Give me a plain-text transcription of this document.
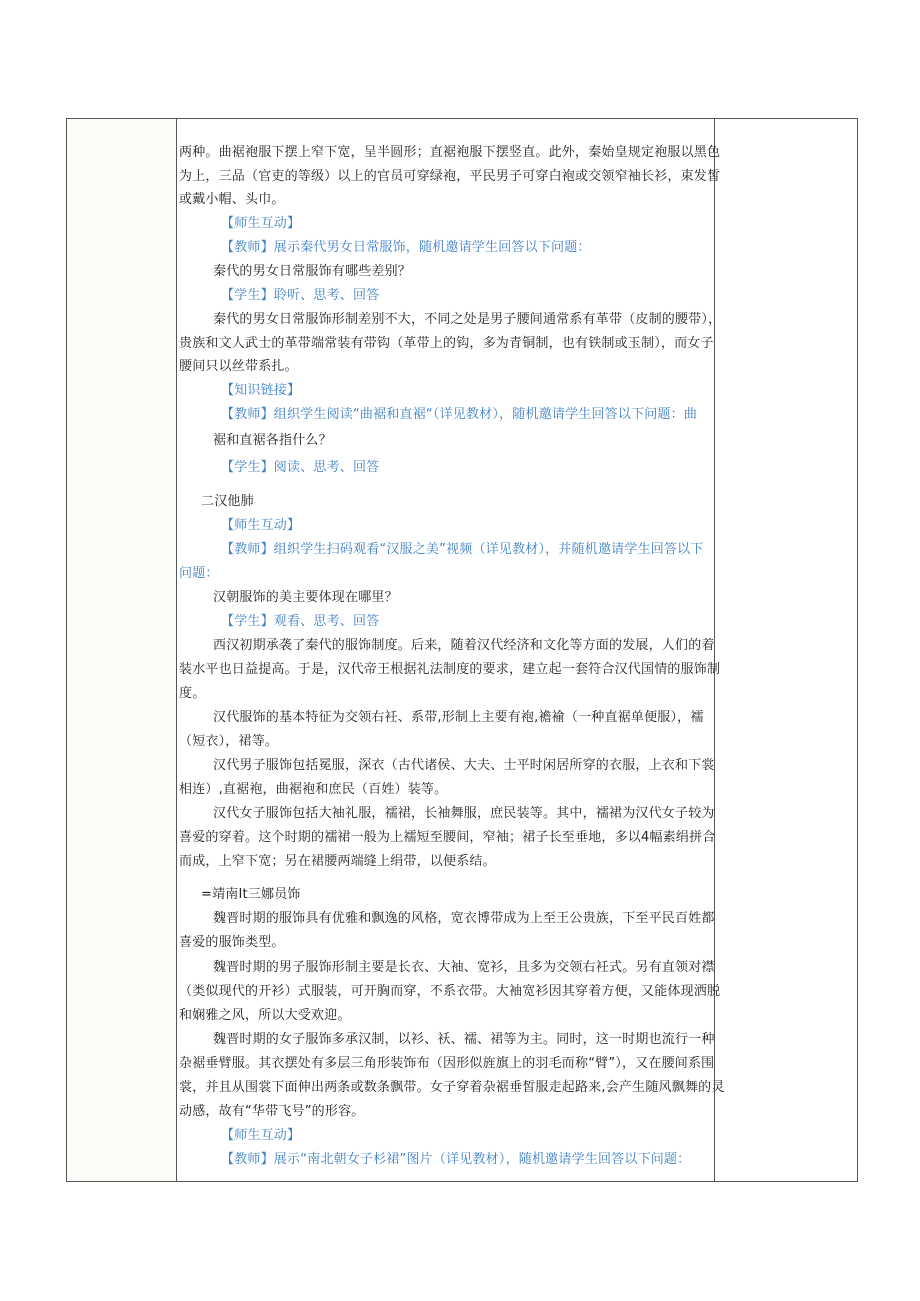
两种。曲裾袍服下摆上窄下宽，呈半圆形；直裾袍服下摆竖直。此外，秦始皇规定袍服以黑色
为上，三品（官吏的等级）以上的官员可穿绿袍，平民男子可穿白袍或交领窄袖长衫，束发皙
或戴小帽、头巾。
【师生互动】
【教师】展示秦代男女日常服饰，随机邀请学生回答以下问题：
秦代的男女日常服饰有哪些差别？
【学生】聆听、思考、回答
秦代的男女日常服饰形制差别不大，不同之处是男子腰间通常系有革带（皮制的腰带），
贵族和文人武士的革带端常装有带钩（革带上的钩，多为青铜制，也有铁制或玉制），而女子
腰间只以丝带系扎。
【知识链接】
【教师】组织学生阅读“曲裾和直裾“（详见教材），随机邀请学生回答以下问题：曲
裾和直裾各指什么？
【学生】阅读、思考、回答
二汉他肺
【师生互动】
【教师】组织学生扫码观看“汉服之美”视频（详见教材），并随机邀请学生回答以下
问题：
汉朝服饰的美主要体现在哪里？
【学生】观看、思考、回答
西汉初期承袭了秦代的服饰制度。后来，随着汉代经济和文化等方面的发展，人们的着
装水平也日益提高。于是，汉代帝王根据礼法制度的要求，建立起一套符合汉代国情的服饰制
度。
汉代服饰的基本特征为交领右衽、系带,形制上主要有袍,襜褕（一种直裾单便服），襦
（短衣），裙等。
汉代男子服饰包括冕服，深衣（古代诸侯、大夫、士平时闲居所穿的衣服，上衣和下裳
相连）,直裾袍，曲裾袍和庶民（百姓）装等。
汉代女子服饰包括大袖礼服，襦裙，长袖舞服，庶民装等。其中，襦裙为汉代女子较为
喜爱的穿着。这个时期的襦裙一般为上襦短至腰间，窄袖；裙子长至垂地，多以4幅素绢拼合
而成，上窄下宽；另在裙腰两端缝上绢带，以便系结。
=靖南It三娜员饰
魏晋时期的服饰具有优雅和飘逸的风格，宽衣博带成为上至王公贵族，下至平民百姓都
喜爱的服饰类型。
魏晋时期的男子服饰形制主要是长衣、大袖、宽衫，且多为交领右衽式。另有直领对襟
（类似现代的开衫）式服装，可开胸而穿，不系衣带。大袖宽衫因其穿着方便，又能体现洒脱
和娴雅之风，所以大受欢迎。
魏晋时期的女子服饰多承汉制，以衫、袄、襦、裙等为主。同时，这一时期也流行一种
杂裾垂臂服。其衣摆处有多层三角形装饰布（因形似旌旗上的羽毛而称“臂”），又在腰间系围
裳，并且从围裳下面伸出两条或数条飘带。女子穿着杂裾垂皙服走起路来,会产生随风飘舞的灵
动感，故有“华带飞号”的形容。
【师生互动】
【教师】展示“南北朝女子杉裙”图片（详见教材），随机邀请学生回答以下问题：
